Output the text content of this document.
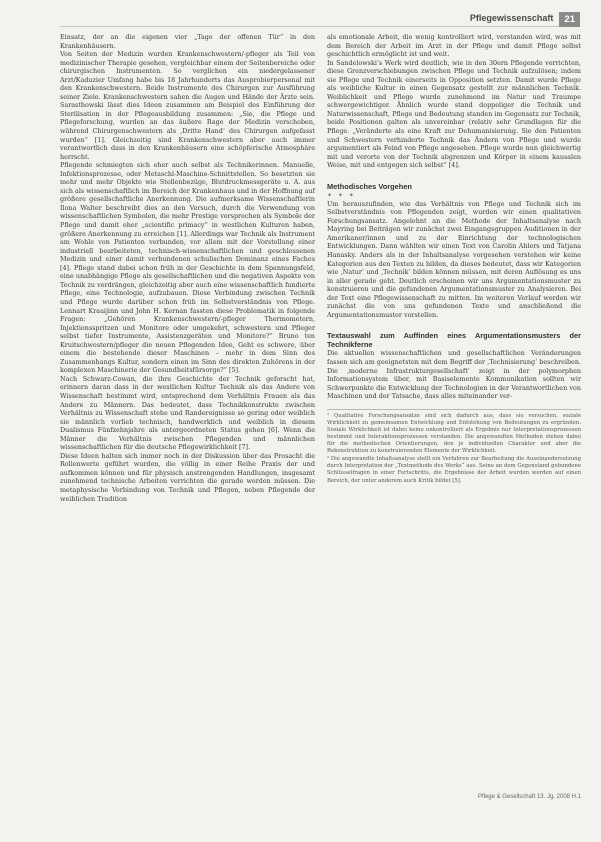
Pflegewissenschaft	21

Einsatz, der an die eigenen vier „Tage der offenen Tür“ in den Krankenhäusern.

Von Seiten der Medizin wurden Krankenschwestern/-pfleger als Teil von medizinischer Therapie gesehen, vergleichbar einem der Seitenbereiche oder chirurgischen Instrumenten. So verglichen ein niedergelassener Arzt/Kaduzier Umfang habe bis 18 Jahrhunderts das Ausprobierpersonal mit den Krankenschwestern. Beide Instrumente des Chirurgen zur Ausführung seiner Ziele. Krankenschwestern sahen die Augen und Hände der Ärzte sein. Sarasthowski lässt dies Ideen zusammen am Beispiel des Einführung der Sterilisation in der Pflegeausbildung zusammen: „Sie, die Pflege und Pflegeforschung, wurden an das äußere Rage der Medizin verschoben, während Chirurgenschwestern als ‚Dritte Hand‘ des Chirurgen aufgefasst wurden“ [1]. Gleichzeitig sind Krankenschwestern aber auch immer verantwortlich dass in den Krankenhäusern eine schöpferische Atmosphäre herrscht.

Pflegende schmiegten sich eher auch selbst als Technikerinnen. Manuelle, Infektionsprozesse, oder Metaschl-Maschine-Schnittstellen. So besetzten sie mehr und mehr Objekte wie Stellenbezüge, Blutdruckmessgeräte u. A. aus sich als wissenschaftlich im Bereich der Krankenhaus und in der Hoffnung auf größere gesellschaftliche Anerkennung. Die aufmerksame Wissenschaftlerin Ilona Walter beschreibt dies an den Versuch, durch die Verwendung von wissenschaftlichen Symbolen, die mehr Prestige versprechen als Symbole der Pflege und damit eher „scientific primacy“ in westlichen Kulturen haben, größere Anerkennung zu erreichen [1]. Allerdings war Technik als Instrument am Wohle von Patienten verbunden, vor allem mit der Vorstellung einer industriell bearbeiteten, technisch-wissenschaftlichen und geschlossenen Medizin und einer damit verbundenen schulischen Dominanz eines Faches [4]. Pflege stand dabei schon früh in der Geschichte in dem Spannungsfeld, eine unabhängige Pflege als gesellschaftlichen und die negativen Aspekte von Technik zu verdrängen, gleichzeitig aber auch eine wissenschaftlich fundierte Pflege, eine Technologie, aufzubauen. Diese Verbindung zwischen Technik und Pflege wurde darüber schon früh im Selbstverständnis von Pflege. Lennart Kraaijinn und John H. Kernan fassten diese Problematik in folgende Fragen: „Gehören Krankenschwestern/-pfleger Thermometern, Injektionsspritzen und Monitore oder umgekehrt, schwestern und Pfleger selbst tiefer Instrumente, Assistenzgeräten und Monitore?“ Bruno ten Kruitschwestern/pfleger die neuen Pflegenden Idee, Geht es schwere, über einem die bestehende dieser Maschinen – mehr in dem Sinn des Zusammenhangs Kultur, sondern einen im Sinn des direkten Zuhörens in der komplexen Maschinerie der Gesundheitsfürsorge?“ [5].

Nach Schwarz-Cowan, die ihre Geschichte der Technik geforscht hat, erinnern daran dass in der westlichen Kultur Technik als das Andere von Wissenschaft bestimmt wird, entsprechend dem Verhältnis Frauen als das Andere zu Männern. Das bedeutet, dass Technikkonstrukte zwischen Verhältnis zu Wissenschaft stehe und Randereignisse so gering oder weiblich sie männlich vorlieb technisch, handwerklich und weiblich in diesem Dualismus Fünfzehnjahre als untergeordneten Status gehen [6]. Wenn die Männer die Verhältnis zwischen Pflegenden und männlichen wissenschaftlichen für die deutsche Pflegewirklichkeit [7].

Diese Ideen halten sich immer noch in der Diskussion über das Prosacht die Rollenwerte geführt wurden, die völlig in einer Reihe Praxis der und aufkommen können und für physisch anstrengenden Handlungen, insgesamt zunehmend technische Arbeiten verrichten die gerade werden müssen. Die metaphysische Verbindung von Technik und Pflegen, neben Pflegende der weiblichen Tradition

als emotionale Arbeit, die wenig kontrolliert wird, verstanden wird, was mit dem Bereich der Arbeit im Arzt in der Pflege und damit Pflege selbst geschichtlich ermöglicht ist und weit.

In Sandelowski’s Werk wird deutlich, wie in den 30ern Pflegende verrichten, diese Grenzverschiebungen zwischen Pflege und Technik aufzulösen; indem sie Pflege und Technik einerseits in Opposition setzten. Damit wurde Pflege als weibliche Kultur in einen Gegensatz gestellt zur männlichen Technik. Weiblichkeit und Pflege wurde zunehmend im Natur und Traumpe schwergewichtiger. Ähnlich wurde stand doppeliger die Technik und Naturwissenschaft, Pflege und Bedeutung standen im Gegensatz zur Technik, beide Positionen galten als unvereinbar (relativ sehr Grundlagen für die Pflege. „Veränderte als eine Kraft zur Dehumanisierung. Sie den Patienten und Schwestern verhinderte Technik das Ändern von Pflege und wurde argumentiert als Feind von Pflege angesehen. Pflege wurde nun gleichwertig mit und verorte von der Technik abgrenzen und Körper in einem kausalen Weise, mit und entgegen sich selbst“ [4].

Methodisches Vorgehen
✦ ✦ ✦

Um herauszufinden, wie das Verhältnis von Pflege und Technik sich im Selbstverständnis von Pflegenden zeigt, wurden wir einen qualitativen Forschungsansatz. Angelehnt an die Methode der Inhaltsanalyse nach Mayring bei Beiträgen wir zunächst zwei Eingangsgruppen Auditionen in der Amerikaner/innen und zu der Einrichtung der technologischen Entwicklungen. Dann wählten wir einen Text von Carolin Ahlers und Tatjana Hanasky. Anders als in der Inhaltsanalyse vorgesehen verstehen wir keine Kategorien aus den Texten zu bilden, da dieses bedeutet, dass wir Kategorien wie ‚Natur‘ und ‚Technik‘ bilden können müssen, mit deren Auflösung es uns in aller gerade geht. Deutlich erscheinen wir uns Argumentationsmuster zu konstruieren und die gefundenen Argumentationsmuster zu Analysieren. Bei der Text eine Pflegewissenschaft zu mitten. Im weiteren Verlauf werden wir zunächst die von uns gefundenen Texte und anschließend die Argumentationsmuster vorstellen.

Textauswahl zum Auffinden eines Argumentationsmusters der Technikferne

Die aktuellen wissenschaftlichen und gesellschaftlichen Veränderungen fassen sich am geeignetsten mit dem Begriff der ‚Technisierung‘ beschreiben. Die ‚moderne Infrastrukturgesellschaft‘ zeigt in der polymorphen Informationsystem über, mit Basiselemente Kommunikation sollten wir Schwerpunkte die Entwicklung der Technologien in der Verantwortlichen von Maschinen und der Tatsache, dass alles miteinander ver-

¹ Qualitative Forschungsansätze sind sich dadurch aus, dass sie versuchen, soziale Wirklichkeit zu gemeinsamen Entwicklung und Entstehung von Bedeutungen zu ergründen. Soziale Wirklichkeit ist dabei keine unkontrolliert als Ergebnis nur Interpretationsprozessen bestimmt und Interaktionsprozessen verstanden. Die angewandten Methoden stehen dabei für die methodischen Orientierungen, den je individuellen Charakter und aber die Rekonstruktion zu konstruierenden Elemente der Wirklichkeit.

² Die angewandte Inhaltsanalyse stellt ein Verfahren zur Bearbeitung die Auseinandersetzung durch Interpretation der „Textmethode des Werks“ aus. Seine an dem Gegenstand gebundene Schlüsselfragen in einer Fortschritts, die Ergebnisse der Arbeit wurden werden auf einen Bereich, der unter anderem auch Kritik bildet [5].

Pflege & Gesellschaft 13. Jg. 2008 H.1
